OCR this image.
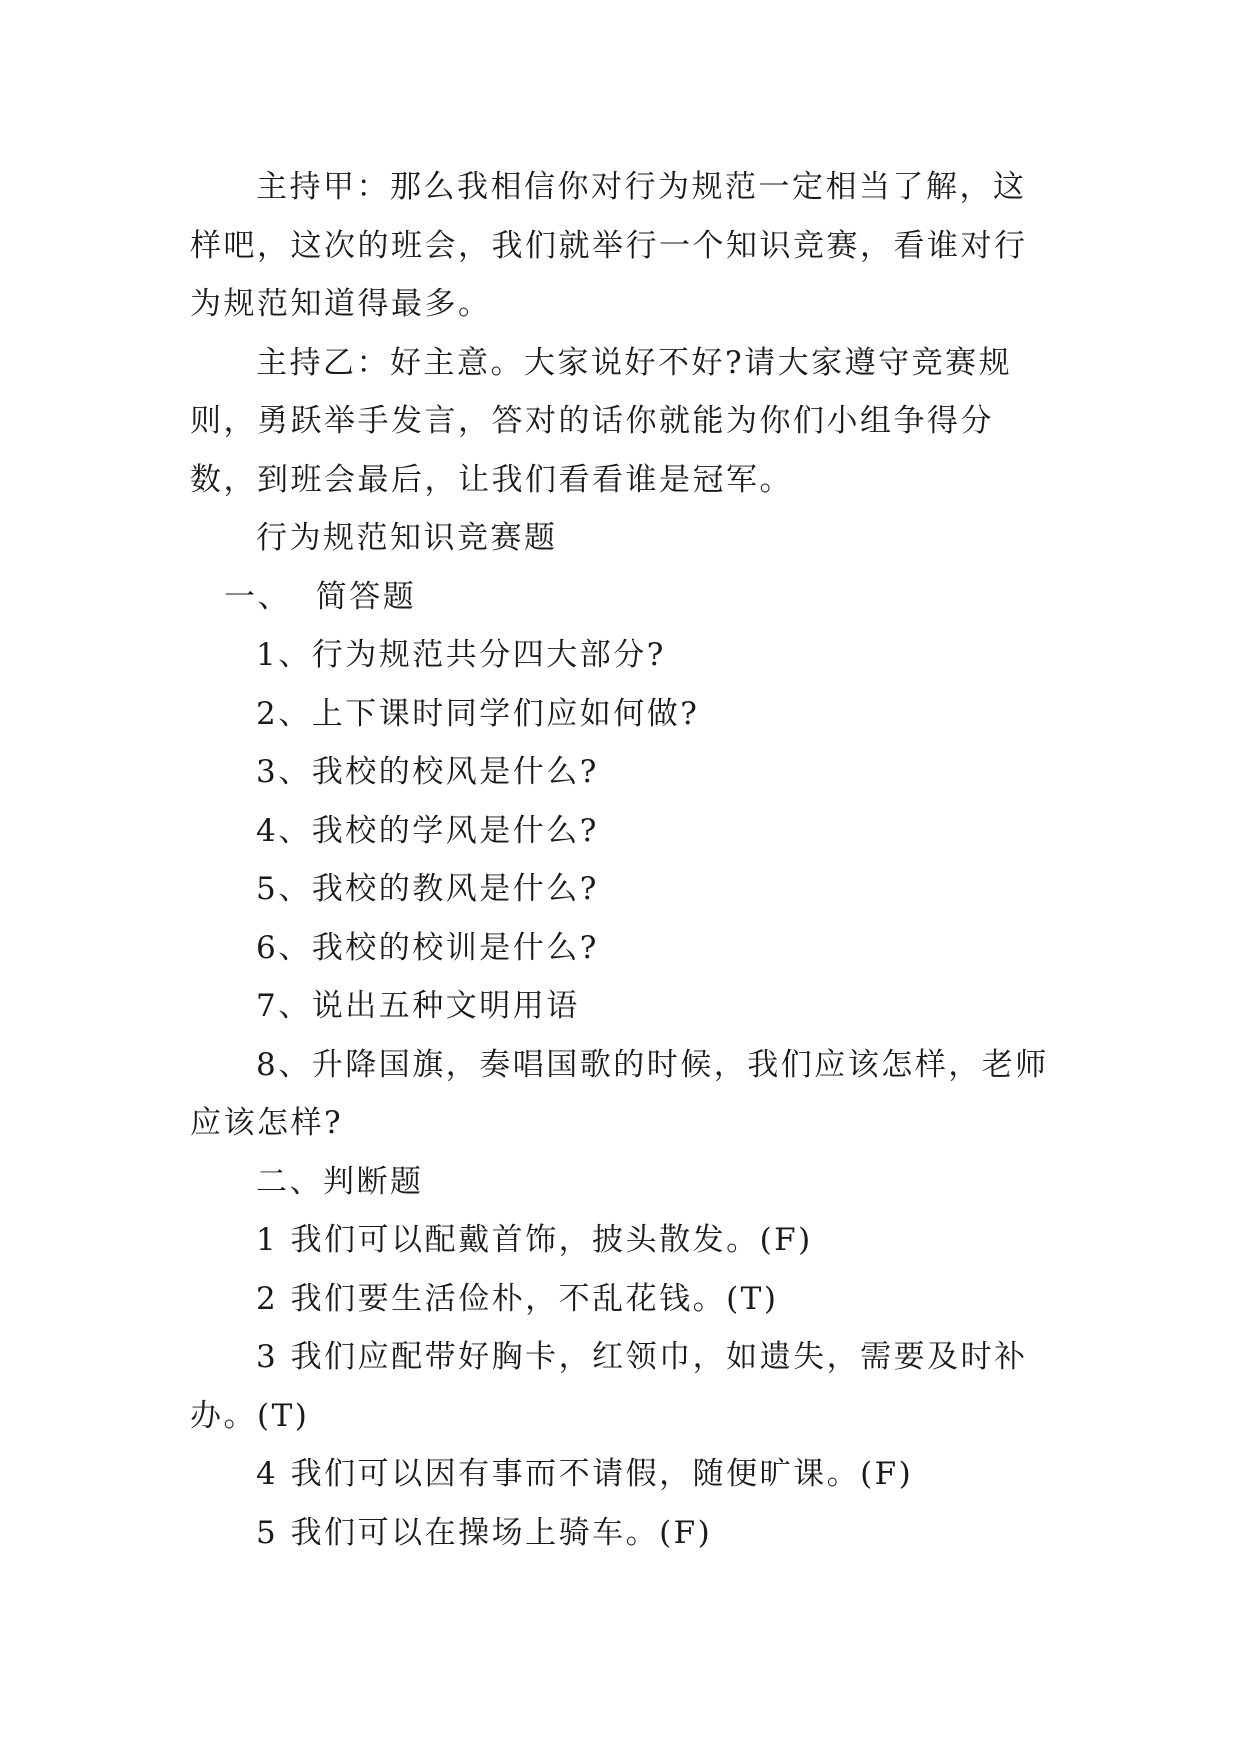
主持甲：那么我相信你对行为规范一定相当了解，这样吧，这次的班会，我们就举行一个知识竞赛，看谁对行为规范知道得最多。

主持乙：好主意。大家说好不好?请大家遵守竞赛规则，勇跃举手发言，答对的话你就能为你们小组争得分数，到班会最后，让我们看看谁是冠军。

行为规范知识竞赛题

一、  简答题

1、行为规范共分四大部分?

2、上下课时同学们应如何做?

3、我校的校风是什么?

4、我校的学风是什么?

5、我校的教风是什么?

6、我校的校训是什么?

7、说出五种文明用语

8、升降国旗，奏唱国歌的时候，我们应该怎样，老师应该怎样?

二、判断题

1 我们可以配戴首饰，披头散发。(F)

2 我们要生活俭朴，不乱花钱。(T)

3 我们应配带好胸卡，红领巾，如遗失，需要及时补办。(T)

4 我们可以因有事而不请假，随便旷课。(F)

5 我们可以在操场上骑车。(F)
